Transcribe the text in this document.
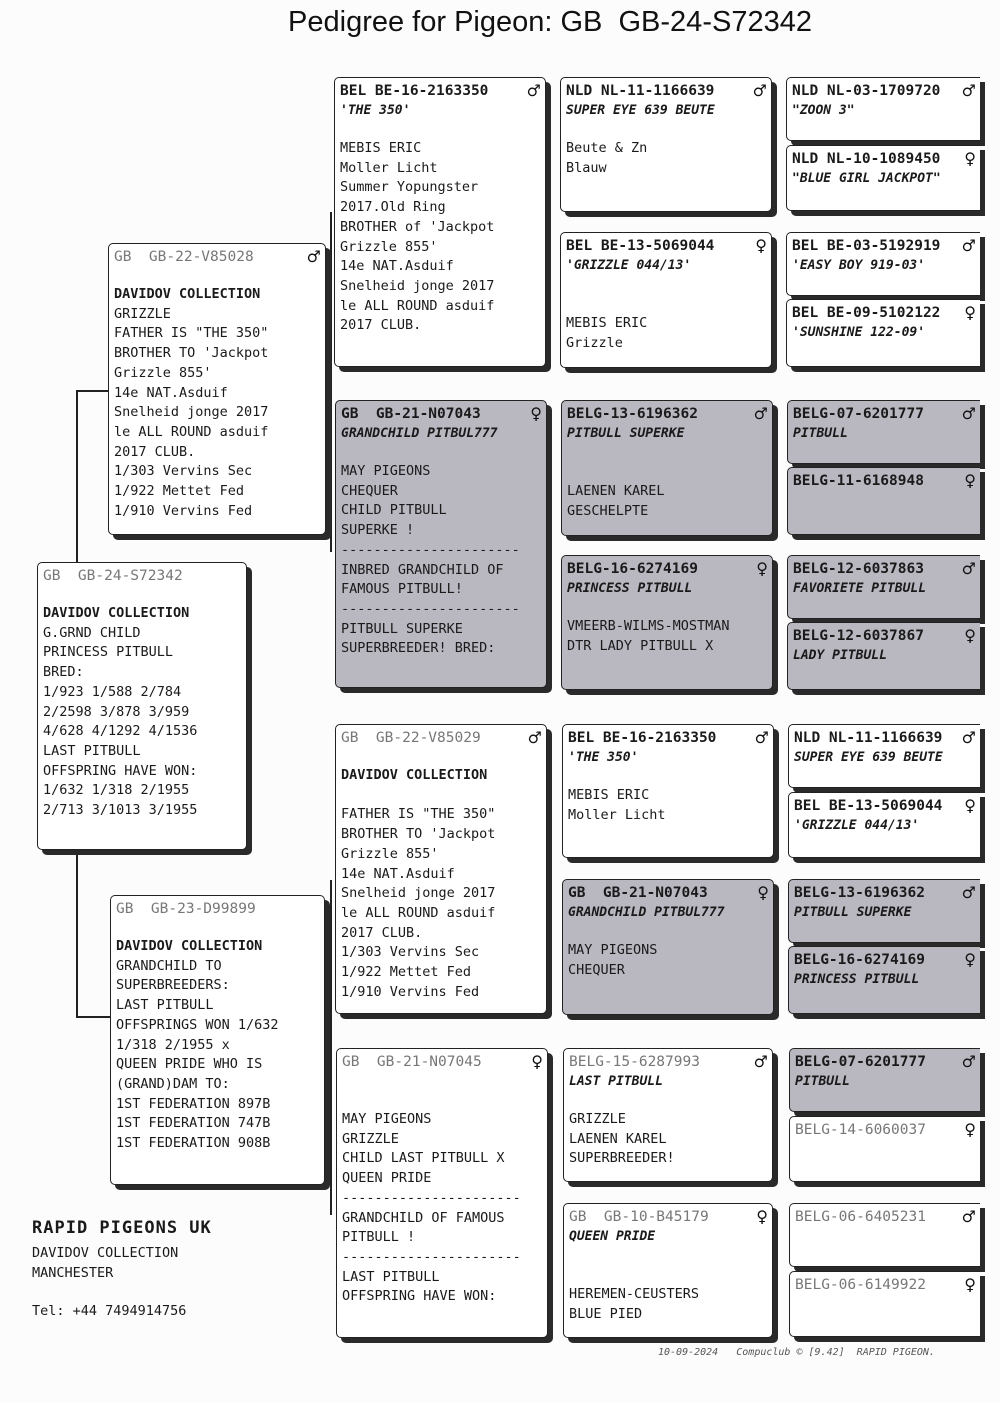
Pedigree for Pigeon: GB  GB-24-S72342
GB  GB-24-S72342
DAVIDOV COLLECTION
G.GRND CHILD
PRINCESS PITBULL
BRED:
1/923 1/588 2/784
2/2598 3/878 3/959
4/628 4/1292 4/1536
LAST PITBULL
OFFSPRING HAVE WON:
1/632 1/318 2/1955
2/713 3/1013 3/1955
GB  GB-22-V85028	♂
DAVIDOV COLLECTION
GRIZZLE
FATHER IS "THE 350"
BROTHER TO 'Jackpot
Grizzle 855'
14e NAT.Asduif
Snelheid jonge 2017
le ALL ROUND asduif
2017 CLUB.
1/303 Vervins Sec
1/922 Mettet Fed
1/910 Vervins Fed
GB  GB-23-D99899
DAVIDOV COLLECTION
GRANDCHILD TO
SUPERBREEDERS:
LAST PITBULL
OFFSPRINGS WON 1/632
1/318 2/1955 x
QUEEN PRIDE WHO IS
(GRAND)DAM TO:
1ST FEDERATION 897B
1ST FEDERATION 747B
1ST FEDERATION 908B
BEL BE-16-2163350 ♂
'THE 350'
MEBIS ERIC
Moller Licht
Summer Yopungster
2017.Old Ring
BROTHER of 'Jackpot
Grizzle 855'
14e NAT.Asduif
Snelheid jonge 2017
le ALL ROUND asduif
2017 CLUB.
GB  GB-21-N07043	♀
GRANDCHILD PITBUL777
MAY PIGEONS
CHEQUER
CHILD PITBULL
SUPERKE !
----------------------
INBRED GRANDCHILD OF
FAMOUS PITBULL!
----------------------
PITBULL SUPERKE
SUPERBREEDER! BRED:
GB  GB-22-V85029	♂
DAVIDOV COLLECTION

FATHER IS "THE 350"
BROTHER TO 'Jackpot
Grizzle 855'
14e NAT.Asduif
Snelheid jonge 2017
le ALL ROUND asduif
2017 CLUB.
1/303 Vervins Sec
1/922 Mettet Fed
1/910 Vervins Fed
GB  GB-21-N07045	♀
MAY PIGEONS
GRIZZLE
CHILD LAST PITBULL X
QUEEN PRIDE
----------------------
GRANDCHILD OF FAMOUS
PITBULL !
----------------------
LAST PITBULL
OFFSPRING HAVE WON:
NLD NL-11-1166639 ♂
SUPER EYE 639 BEUTE
Beute & Zn
Blauw
BEL BE-13-5069044	♀
'GRIZZLE 044/13'
MEBIS ERIC
Grizzle
BELG-13-6196362	♂
PITBULL SUPERKE
LAENEN KAREL
GESCHELPTE
BELG-16-6274169	♀
PRINCESS PITBULL
VMEERB-WILMS-MOSTMAN
DTR LADY PITBULL X
BEL BE-16-2163350 ♂
'THE 350'
MEBIS ERIC
Moller Licht
GB  GB-21-N07043	♀
GRANDCHILD PITBUL777
MAY PIGEONS
CHEQUER
BELG-15-6287993	♂
LAST PITBULL
GRIZZLE
LAENEN KAREL
SUPERBREEDER!
GB  GB-10-B45179	♀
QUEEN PRIDE
HEREMEN-CEUSTERS
BLUE PIED
NLD NL-03-1709720 ♂
"ZOON 3"
NLD NL-10-1089450 ♀
"BLUE GIRL JACKPOT"
BEL BE-03-5192919 ♂
'EASY BOY 919-03'
BEL BE-09-5102122 ♀
'SUNSHINE 122-09'
BELG-07-6201777 ♂
PITBULL
BELG-11-6168948	♀
BELG-12-6037863 ♂
FAVORIETE PITBULL
BELG-12-6037867	♀
LADY PITBULL
NLD NL-11-1166639 ♂
SUPER EYE 639 BEUTE
BEL BE-13-5069044 ♀
'GRIZZLE 044/13'
BELG-13-6196362 ♂
PITBULL SUPERKE
BELG-16-6274169 ♀
PRINCESS PITBULL
BELG-07-6201777 ♂
PITBULL
BELG-14-6060037 ♀
BELG-06-6405231 ♂
BELG-06-6149922 ♀
RAPID PIGEONS UK
DAVIDOV COLLECTION
MANCHESTER
Tel: +44 7494914756
10-09-2024   Compuclub © [9.42]  RAPID PIGEON.
